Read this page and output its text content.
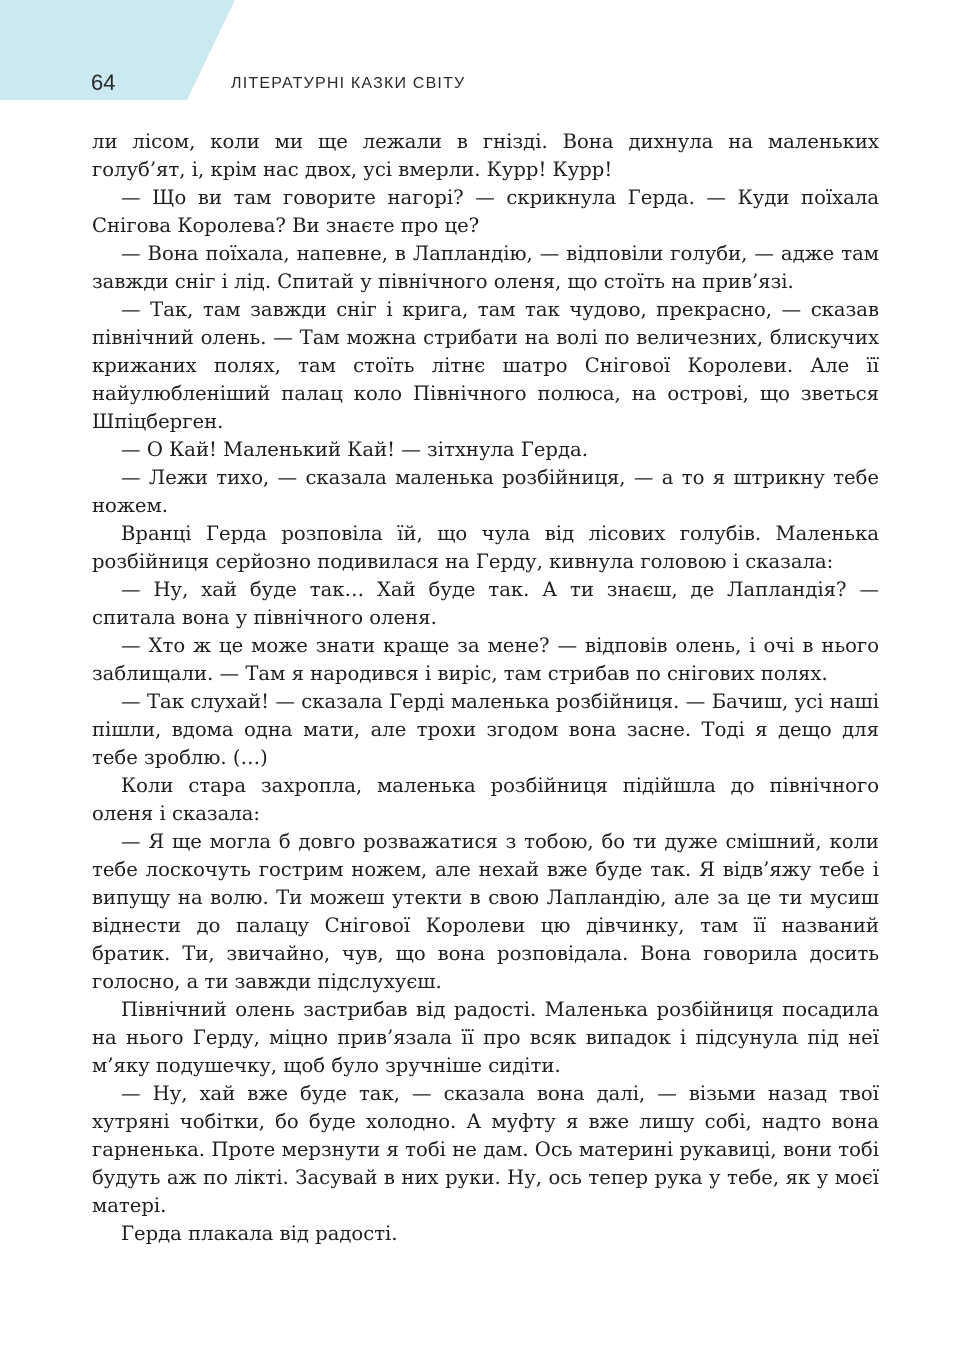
64	ЛІТЕРАТУРНІ КАЗКИ СВІТУ

ли лісом, коли ми ще лежали в гнізді. Вона дихнула на маленьких голуб’ят, і, крім нас двох, усі вмерли. Курр! Курр!

— Що ви там говорите нагорі? — скрикнула Герда. — Куди поїхала Снігова Королева? Ви знаєте про це?

— Вона поїхала, напевне, в Лапландію, — відповіли голуби, — адже там завжди сніг і лід. Спитай у північного оленя, що стоїть на прив’язі.

— Так, там завжди сніг і крига, там так чудово, прекрасно, — сказав північний олень. — Там можна стрибати на волі по величезних, блискучих крижаних полях, там стоїть літнє шатро Снігової Королеви. Але її найулюбленіший палац коло Північного полюса, на острові, що зветься Шпіцберген.

— О Кай! Маленький Кай! — зітхнула Герда.

— Лежи тихо, — сказала маленька розбійниця, — а то я штрикну тебе ножем.

Вранці Герда розповіла їй, що чула від лісових голубів. Маленька розбійниця серйозно подивилася на Герду, кивнула головою і сказала:

— Ну, хай буде так… Хай буде так. А ти знаєш, де Лапландія? — спитала вона у північного оленя.

— Хто ж це може знати краще за мене? — відповів олень, і очі в нього заблищали. — Там я народився і виріс, там стрибав по снігових полях.

— Так слухай! — сказала Герді маленька розбійниця. — Бачиш, усі наші пішли, вдома одна мати, але трохи згодом вона засне. Тоді я дещо для тебе зроблю. (…)

Коли стара захропла, маленька розбійниця підійшла до північного оленя і сказала:

— Я ще могла б довго розважатися з тобою, бо ти дуже смішний, коли тебе лоскочуть гострим ножем, але нехай вже буде так. Я відв’яжу тебе і випущу на волю. Ти можеш утекти в свою Лапландію, але за це ти мусиш віднести до палацу Снігової Королеви цю дівчинку, там її названий братик. Ти, звичайно, чув, що вона розповідала. Вона говорила досить голосно, а ти завжди підслухуєш.

Північний олень застрибав від радості. Маленька розбійниця посадила на нього Герду, міцно прив’язала її про всяк випадок і підсунула під неї м’яку подушечку, щоб було зручніше сидіти.

— Ну, хай вже буде так, — сказала вона далі, — візьми назад твої хутряні чобітки, бо буде холодно. А муфту я вже лишу собі, надто вона гарненька. Проте мерзнути я тобі не дам. Ось материні рукавиці, вони тобі будуть аж по лікті. Засувай в них руки. Ну, ось тепер рука у тебе, як у моєї матері.

Герда плакала від радості.
